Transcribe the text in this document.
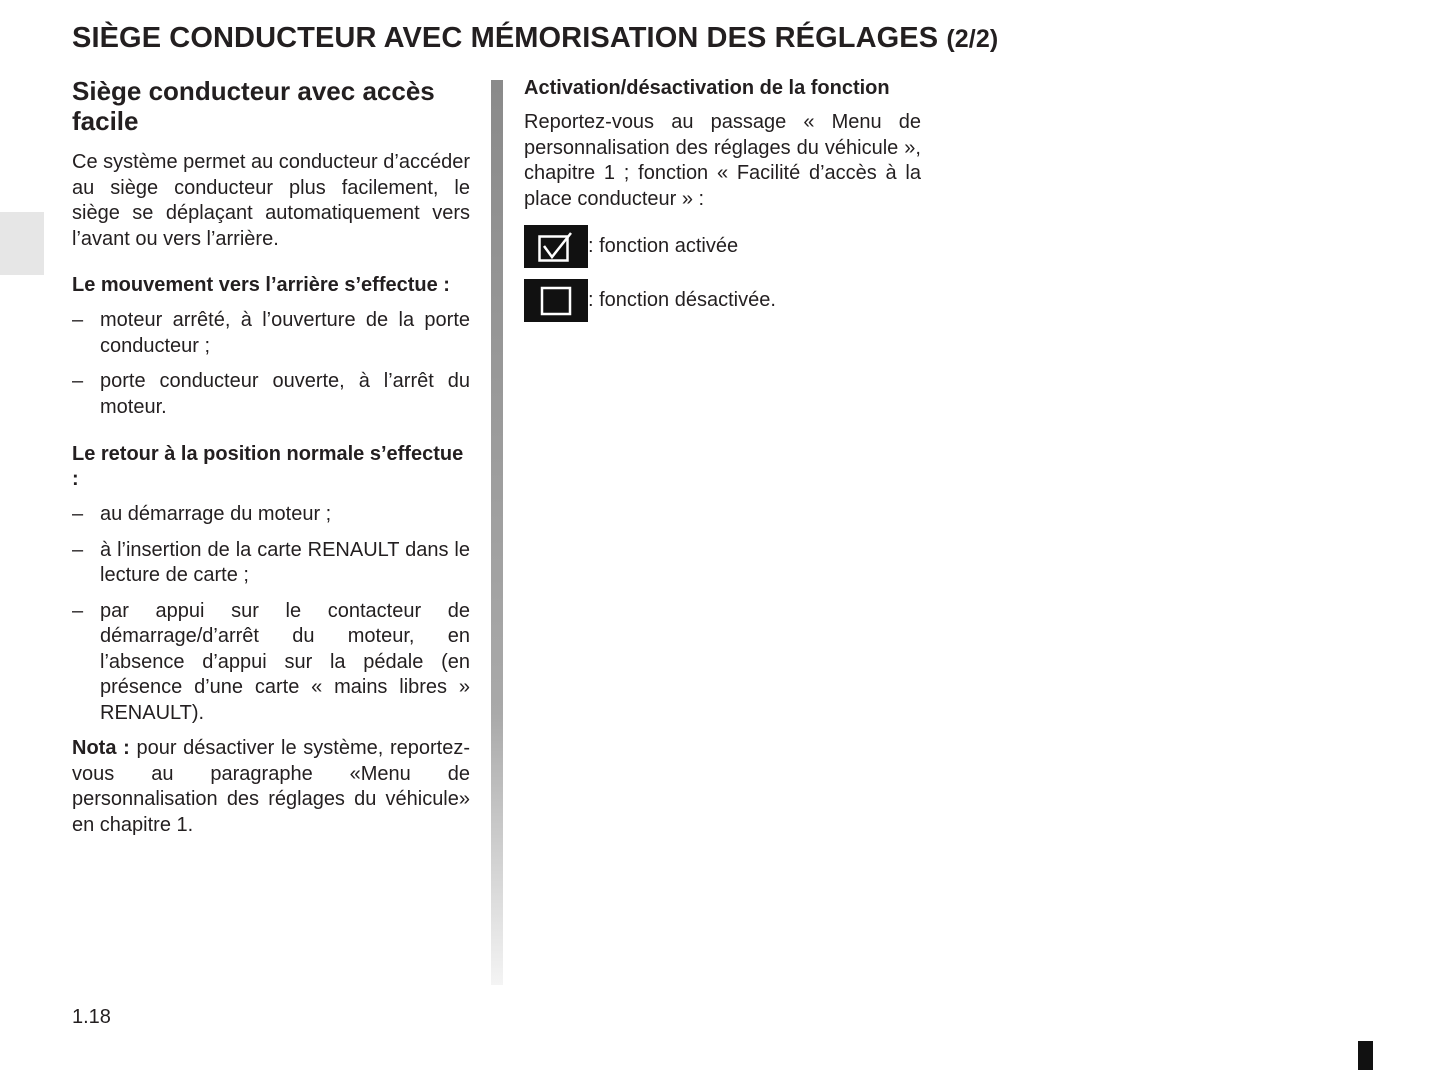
SIÈGE CONDUCTEUR AVEC MÉMORISATION DES RÉGLAGES (2/2)
Siège conducteur avec accès facile

Ce système permet au conducteur d’accéder au siège conducteur plus facilement, le siège se déplaçant automatiquement vers l’avant ou vers l’arrière.

Le mouvement vers l’arrière s’effectue :
– moteur arrêté, à l’ouverture de la porte conducteur ;
– porte conducteur ouverte, à l’arrêt du moteur.
Le retour à la position normale s’effectue :
– au démarrage du moteur ;
– à l’insertion de la carte RENAULT dans le lecture de carte ;
– par appui sur le contacteur de démarrage/d’arrêt du moteur, en l’absence d’appui sur la pédale (en présence d’une carte « mains libres » RENAULT).

Nota : pour désactiver le système, reportez-vous au paragraphe «Menu de personnalisation des réglages du véhicule» en chapitre 1.

Activation/désactivation de la fonction

Reportez-vous au passage « Menu de personnalisation des réglages du véhicule », chapitre 1 ; fonction « Facilité d’accès à la place conducteur » :

: fonction activée
: fonction désactivée.
1.18
